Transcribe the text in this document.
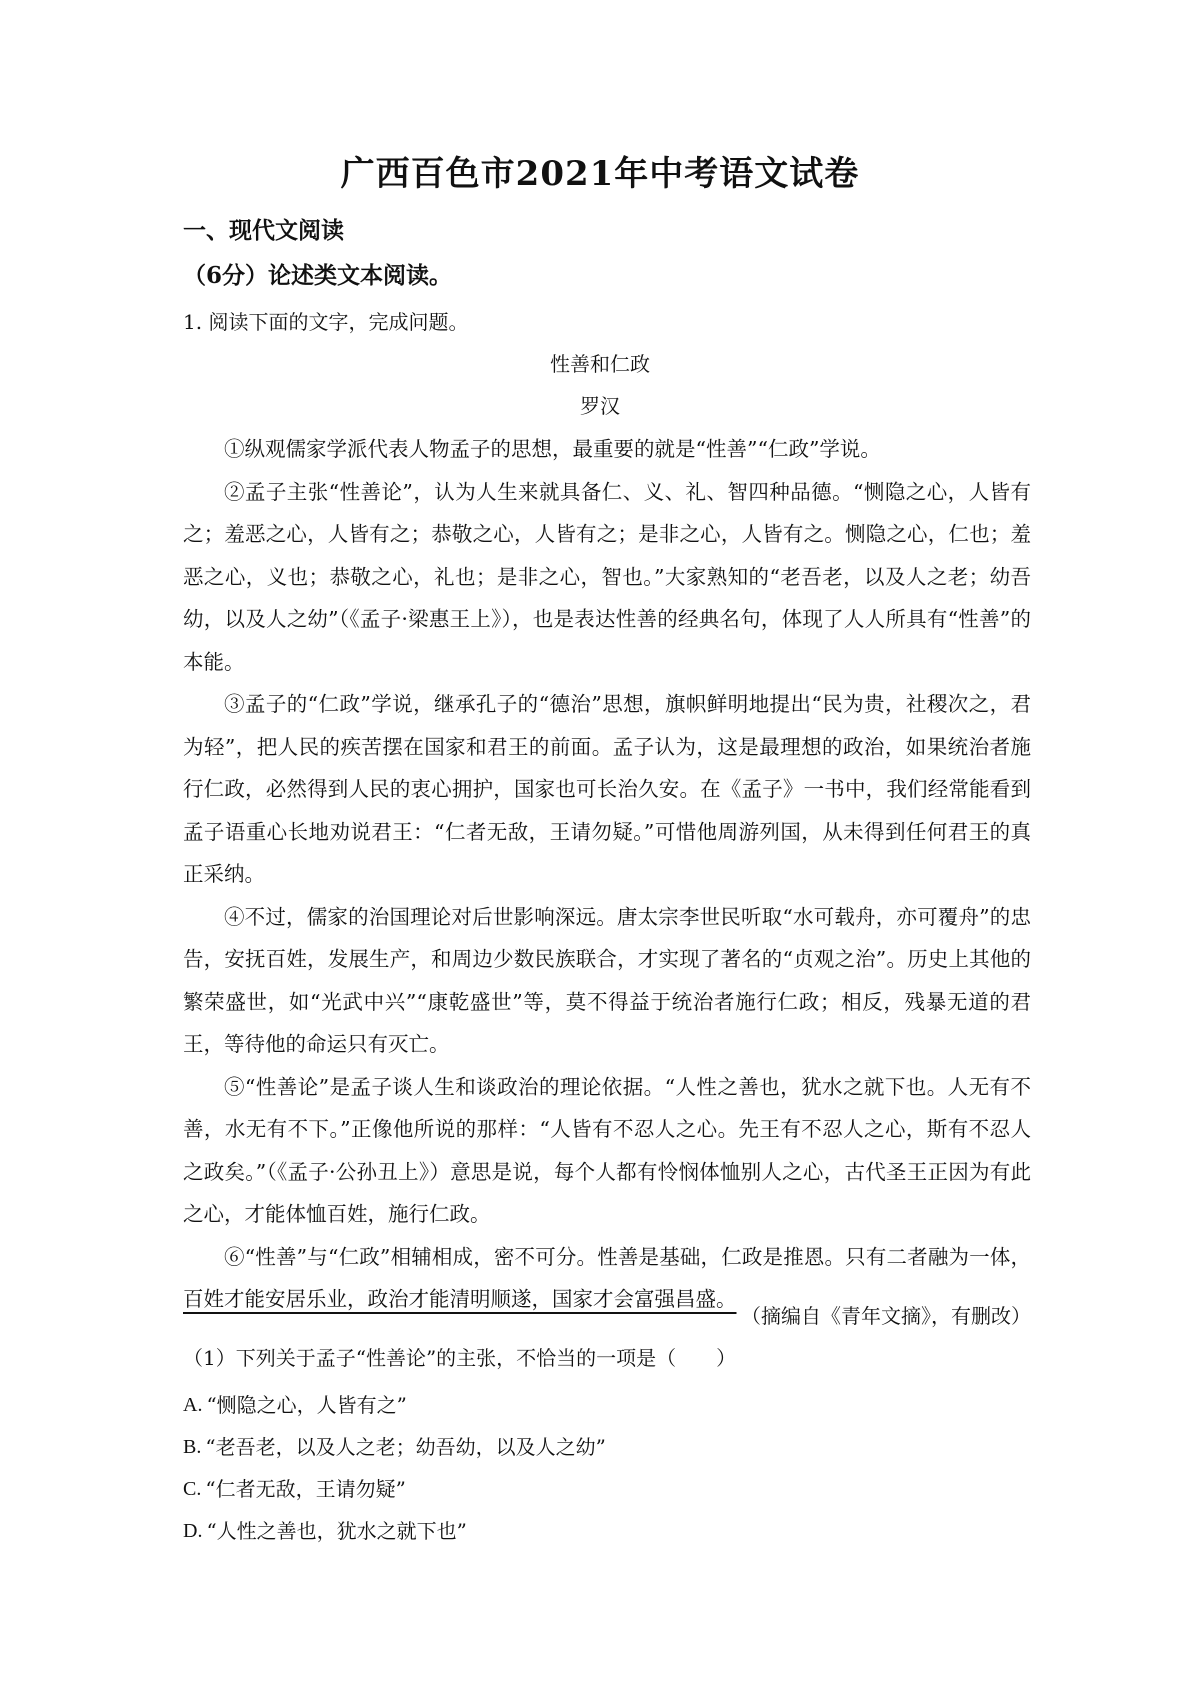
广西百色市2021年中考语文试卷
一、现代文阅读
（6分）论述类文本阅读。

1. 阅读下面的文字，完成问题。

性善和仁政

罗汉

①纵观儒家学派代表人物孟子的思想，最重要的就是“性善”“仁政”学说。

②孟子主张“性善论”，认为人生来就具备仁、义、礼、智四种品德。“恻隐之心，人皆有之；羞恶之心，人皆有之；恭敬之心，人皆有之；是非之心，人皆有之。恻隐之心，仁也；羞恶之心，义也；恭敬之心，礼也；是非之心，智也。”大家熟知的“老吾老，以及人之老；幼吾幼，以及人之幼”（《孟子·梁惠王上》），也是表达性善的经典名句，体现了人人所具有“性善”的本能。

③孟子的“仁政”学说，继承孔子的“德治”思想，旗帜鲜明地提出“民为贵，社稷次之，君为轻”，把人民的疾苦摆在国家和君王的前面。孟子认为，这是最理想的政治，如果统治者施行仁政，必然得到人民的衷心拥护，国家也可长治久安。在《孟子》一书中，我们经常能看到孟子语重心长地劝说君王：“仁者无敌，王请勿疑。”可惜他周游列国，从未得到任何君王的真正采纳。

④不过，儒家的治国理论对后世影响深远。唐太宗李世民听取“水可载舟，亦可覆舟”的忠告，安抚百姓，发展生产，和周边少数民族联合，才实现了著名的“贞观之治”。历史上其他的繁荣盛世，如“光武中兴”“康乾盛世”等，莫不得益于统治者施行仁政；相反，残暴无道的君王，等待他的命运只有灭亡。

⑤“性善论”是孟子谈人生和谈政治的理论依据。“人性之善也，犹水之就下也。人无有不善，水无有不下。”正像他所说的那样：“人皆有不忍人之心。先王有不忍人之心，斯有不忍人之政矣。”（《孟子·公孙丑上》）意思是说，每个人都有怜悯体恤别人之心，古代圣王正因为有此之心，才能体恤百姓，施行仁政。

⑥“性善”与“仁政”相辅相成，密不可分。性善是基础，仁政是推恩。只有二者融为一体，百姓才能安居乐业，政治才能清明顺遂，国家才会富强昌盛。

（摘编自《青年文摘》，有删改）

（1）下列关于孟子“性善论”的主张，不恰当的一项是（　　）

A. “恻隐之心，人皆有之”
B. “老吾老，以及人之老；幼吾幼，以及人之幼”
C. “仁者无敌，王请勿疑”
D. “人性之善也，犹水之就下也”
